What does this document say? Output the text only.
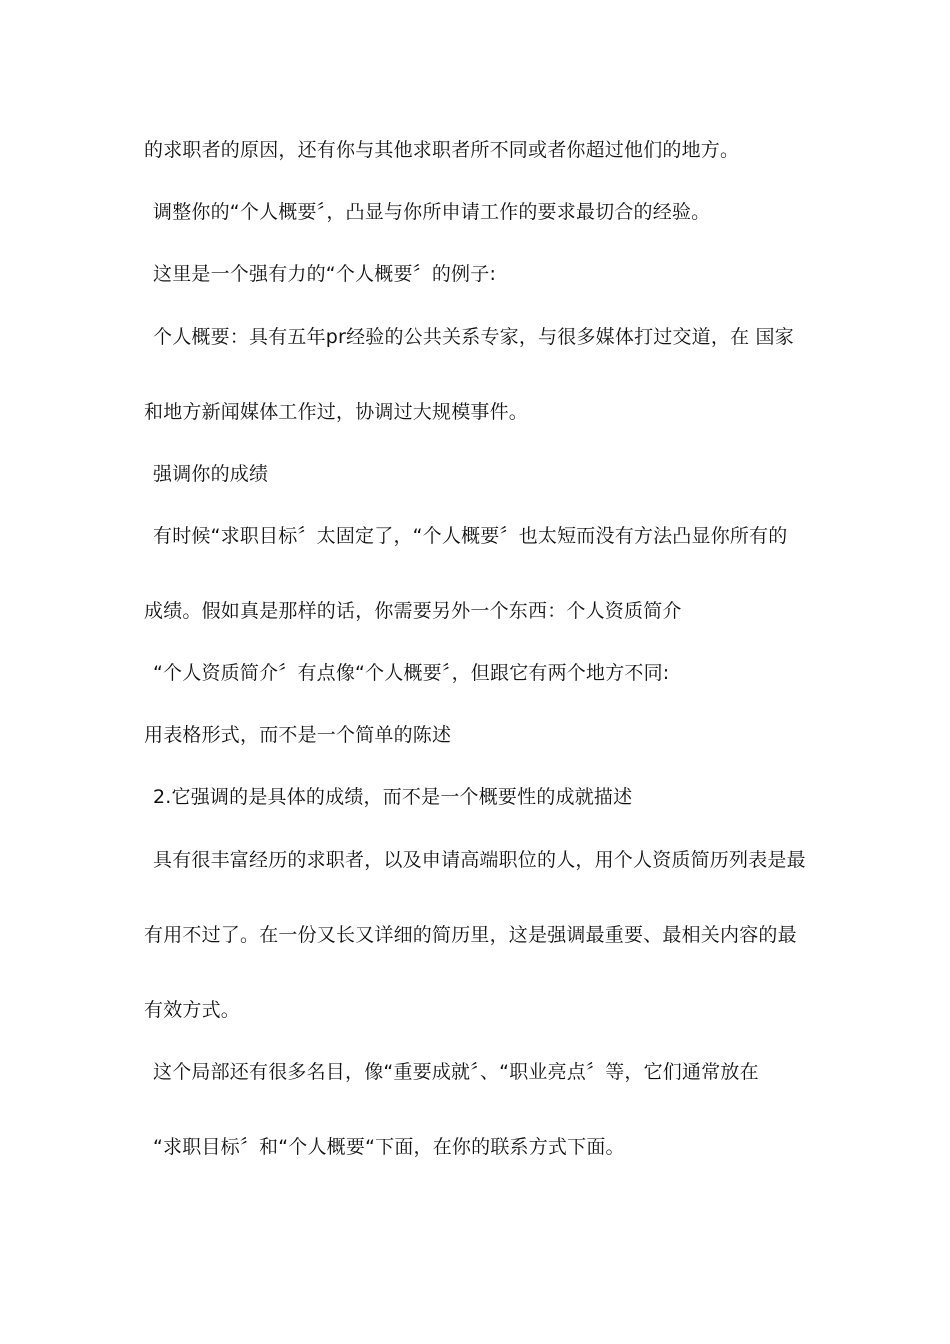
的求职者的原因，还有你与其他求职者所不同或者你超过他们的地方。
调整你的“个人概要〞，凸显与你所申请工作的要求最切合的经验。
这里是一个强有力的“个人概要〞的例子:
个人概要：具有五年pr经验的公共关系专家，与很多媒体打过交道，在 国家
和地方新闻媒体工作过，协调过大规模事件。
强调你的成绩
有时候“求职目标〞太固定了，“个人概要〞也太短而没有方法凸显你所有的
成绩。假如真是那样的话，你需要另外一个东西：个人资质简介
“个人资质简介〞有点像“个人概要〞，但跟它有两个地方不同:
用表格形式，而不是一个简单的陈述
2.它强调的是具体的成绩，而不是一个概要性的成就描述
具有很丰富经历的求职者，以及申请高端职位的人，用个人资质简历列表是最
有用不过了。在一份又长又详细的简历里，这是强调最重要、最相关内容的最
有效方式。
这个局部还有很多名目，像“重要成就〞、“职业亮点〞等，它们通常放在
“求职目标〞和“个人概要“下面，在你的联系方式下面。
